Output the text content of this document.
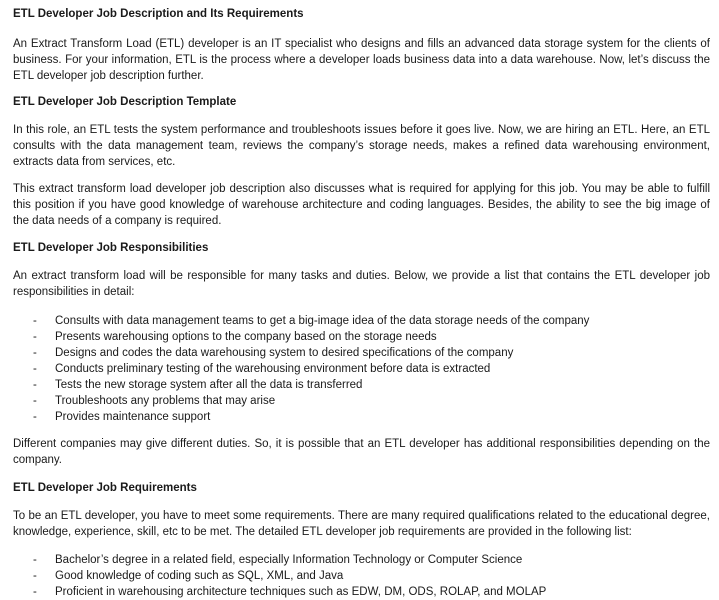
ETL Developer Job Description and Its Requirements

An Extract Transform Load (ETL) developer is an IT specialist who designs and fills an advanced data storage system for the clients of business. For your information, ETL is the process where a developer loads business data into a data warehouse. Now, let’s discuss the ETL developer job description further.

ETL Developer Job Description Template

In this role, an ETL tests the system performance and troubleshoots issues before it goes live. Now, we are hiring an ETL. Here, an ETL consults with the data management team, reviews the company’s storage needs, makes a refined data warehousing environment, extracts data from services, etc.

This extract transform load developer job description also discusses what is required for applying for this job. You may be able to fulfill this position if you have good knowledge of warehouse architecture and coding languages. Besides, the ability to see the big image of the data needs of a company is required.

ETL Developer Job Responsibilities

An extract transform load will be responsible for many tasks and duties. Below, we provide a list that contains the ETL developer job responsibilities in detail:

- Consults with data management teams to get a big-image idea of the data storage needs of the company
- Presents warehousing options to the company based on the storage needs
- Designs and codes the data warehousing system to desired specifications of the company
- Conducts preliminary testing of the warehousing environment before data is extracted
- Tests the new storage system after all the data is transferred
- Troubleshoots any problems that may arise
- Provides maintenance support

Different companies may give different duties. So, it is possible that an ETL developer has additional responsibilities depending on the company.

ETL Developer Job Requirements

To be an ETL developer, you have to meet some requirements. There are many required qualifications related to the educational degree, knowledge, experience, skill, etc to be met. The detailed ETL developer job requirements are provided in the following list:

- Bachelor’s degree in a related field, especially Information Technology or Computer Science
- Good knowledge of coding such as SQL, XML, and Java
- Proficient in warehousing architecture techniques such as EDW, DM, ODS, ROLAP, and MOLAP
